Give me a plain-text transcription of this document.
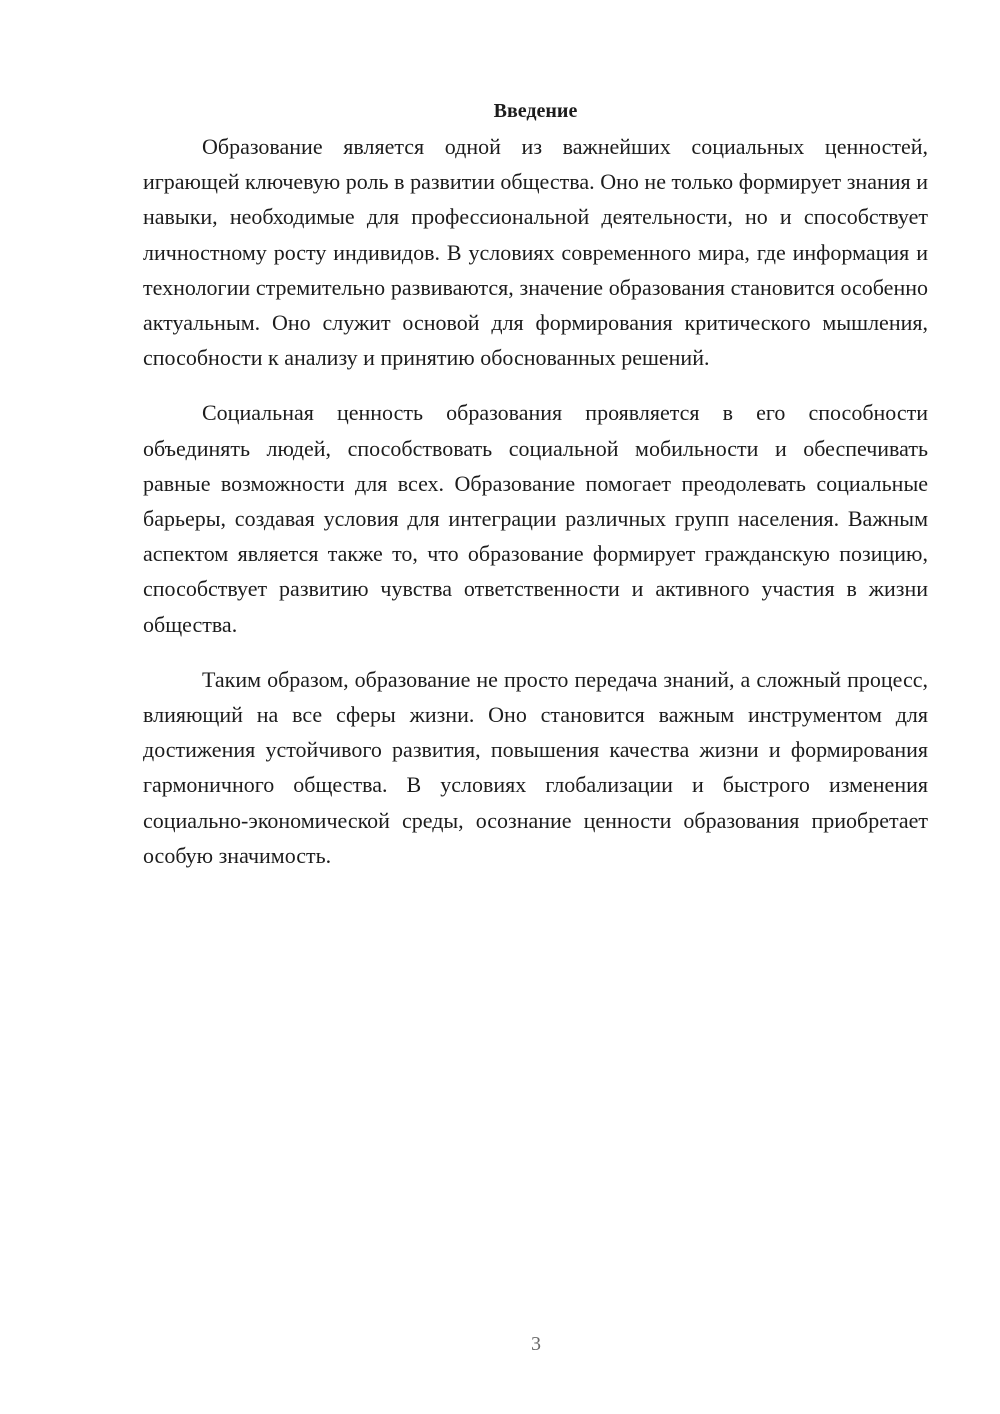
Введение

Образование является одной из важнейших социальных ценностей, играющей ключевую роль в развитии общества. Оно не только формирует знания и навыки, необходимые для профессиональной деятельности, но и способствует личностному росту индивидов. В условиях современного мира, где информация и технологии стремительно развиваются, значение образования становится особенно актуальным. Оно служит основой для формирования критического мышления, способности к анализу и принятию обоснованных решений.

Социальная ценность образования проявляется в его способности объединять людей, способствовать социальной мобильности и обеспечивать равные возможности для всех. Образование помогает преодолевать социальные барьеры, создавая условия для интеграции различных групп населения. Важным аспектом является также то, что образование формирует гражданскую позицию, способствует развитию чувства ответственности и активного участия в жизни общества.

Таким образом, образование не просто передача знаний, а сложный процесс, влияющий на все сферы жизни. Оно становится важным инструментом для достижения устойчивого развития, повышения качества жизни и формирования гармоничного общества. В условиях глобализации и быстрого изменения социально-экономической среды, осознание ценности образования приобретает особую значимость.

3
